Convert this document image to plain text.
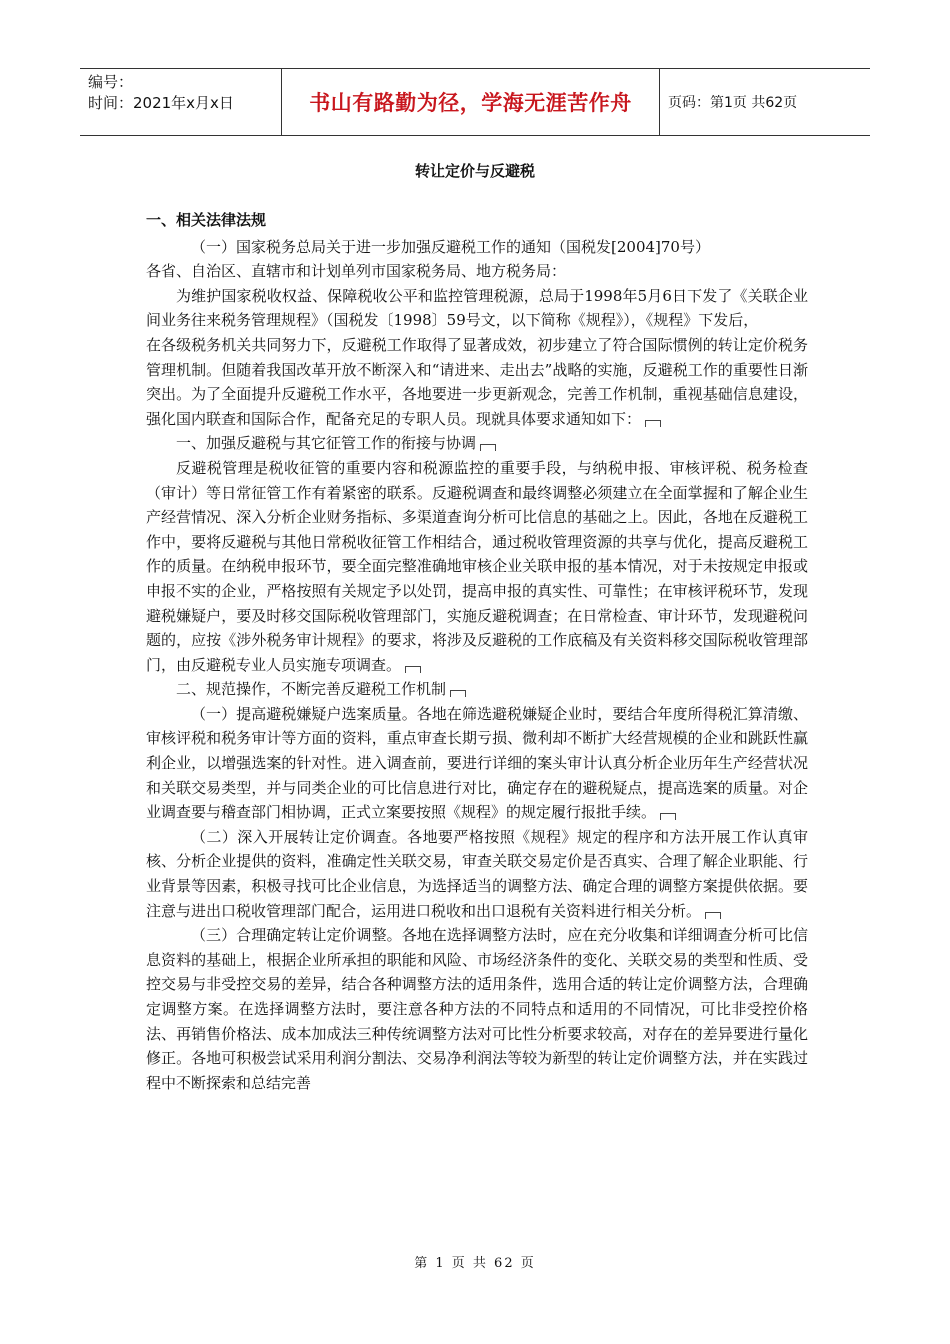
编号：
时间：2021年x月x日	书山有路勤为径，学海无涯苦作舟	页码：第1页 共62页
转让定价与反避税

一、相关法律法规

（一）国家税务总局关于进一步加强反避税工作的通知（国税发[2004]70号）

各省、自治区、直辖市和计划单列市国家税务局、地方税务局：

为维护国家税收权益、保障税收公平和监控管理税源，总局于1998年5月6日下发了《关联企业间业务往来税务管理规程》（国税发〔1998〕59号文，以下简称《规程》），《规程》下发后，

在各级税务机关共同努力下，反避税工作取得了显著成效，初步建立了符合国际惯例的转让定价税务管理机制。但随着我国改革开放不断深入和“请进来、走出去”战略的实施，反避税工作的重要性日渐突出。为了全面提升反避税工作水平，各地要进一步更新观念，完善工作机制，重视基础信息建设，强化国内联查和国际合作，配备充足的专职人员。现就具体要求通知如下：

一、加强反避税与其它征管工作的衔接与协调

反避税管理是税收征管的重要内容和税源监控的重要手段，与纳税申报、审核评税、税务检查（审计）等日常征管工作有着紧密的联系。反避税调查和最终调整必须建立在全面掌握和了解企业生产经营情况、深入分析企业财务指标、多渠道查询分析可比信息的基础之上。因此，各地在反避税工作中，要将反避税与其他日常税收征管工作相结合，通过税收管理资源的共享与优化，提高反避税工作的质量。在纳税申报环节，要全面完整准确地审核企业关联申报的基本情况，对于未按规定申报或申报不实的企业，严格按照有关规定予以处罚，提高申报的真实性、可靠性；在审核评税环节，发现避税嫌疑户，要及时移交国际税收管理部门，实施反避税调查；在日常检查、审计环节，发现避税问题的，应按《涉外税务审计规程》的要求，将涉及反避税的工作底稿及有关资料移交国际税收管理部门，由反避税专业人员实施专项调查。

二、规范操作，不断完善反避税工作机制

（一）提高避税嫌疑户选案质量。各地在筛选避税嫌疑企业时，要结合年度所得税汇算清缴、审核评税和税务审计等方面的资料，重点审查长期亏损、微利却不断扩大经营规模的企业和跳跃性赢利企业，以增强选案的针对性。进入调查前，要进行详细的案头审计认真分析企业历年生产经营状况和关联交易类型，并与同类企业的可比信息进行对比，确定存在的避税疑点，提高选案的质量。对企业调查要与稽查部门相协调，正式立案要按照《规程》的规定履行报批手续。

（二）深入开展转让定价调查。各地要严格按照《规程》规定的程序和方法开展工作认真审核、分析企业提供的资料，准确定性关联交易，审查关联交易定价是否真实、合理了解企业职能、行业背景等因素，积极寻找可比企业信息，为选择适当的调整方法、确定合理的调整方案提供依据。要注意与进出口税收管理部门配合，运用进口税收和出口退税有关资料进行相关分析。

（三）合理确定转让定价调整。各地在选择调整方法时，应在充分收集和详细调查分析可比信息资料的基础上，根据企业所承担的职能和风险、市场经济条件的变化、关联交易的类型和性质、受控交易与非受控交易的差异，结合各种调整方法的适用条件，选用合适的转让定价调整方法，合理确定调整方案。在选择调整方法时，要注意各种方法的不同特点和适用的不同情况，可比非受控价格法、再销售价格法、成本加成法三种传统调整方法对可比性分析要求较高，对存在的差异要进行量化修正。各地可积极尝试采用利润分割法、交易净利润法等较为新型的转让定价调整方法，并在实践过程中不断探索和总结完善

第 1 页 共 62 页
